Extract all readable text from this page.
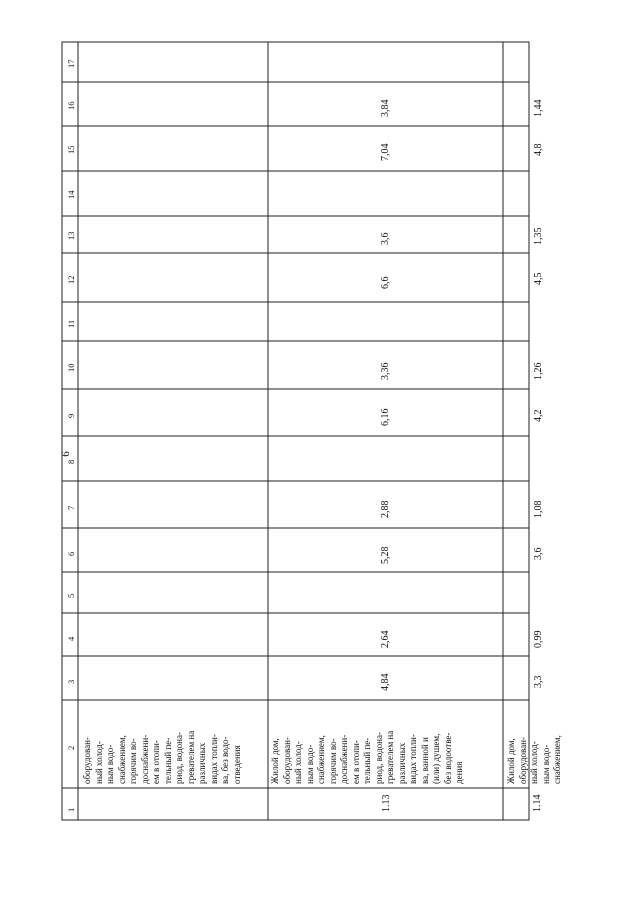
6
1
2
3
4
5
6
7
8
9
10
11
12
13
14
15
16
17
оборудован- ный холод- ным водо- снабжением, горячим во- доснабжени- ем в отопи- тельный пе- риод, водона- гревателем на различных видах топли- ва, без водо- отведения
1.13
Жилой дом, оборудован- ный холод- ным водо- снабжением, горячим во- доснабжени- ем в отопи- тельный пе- риод, водона- гревателем на различных видах топли- ва, ванной и (или) душем, без водоотве- дения
4,84
2,64
5,28
2,88
6,16
3,36
6,6
3,6
7,04
3,84
1.14
Жилой дом, оборудован- ный холод- ным водо- снабжением,
3,3
0,99
3,6
1,08
4,2
1,26
4,5
1,35
4,8
1,44
